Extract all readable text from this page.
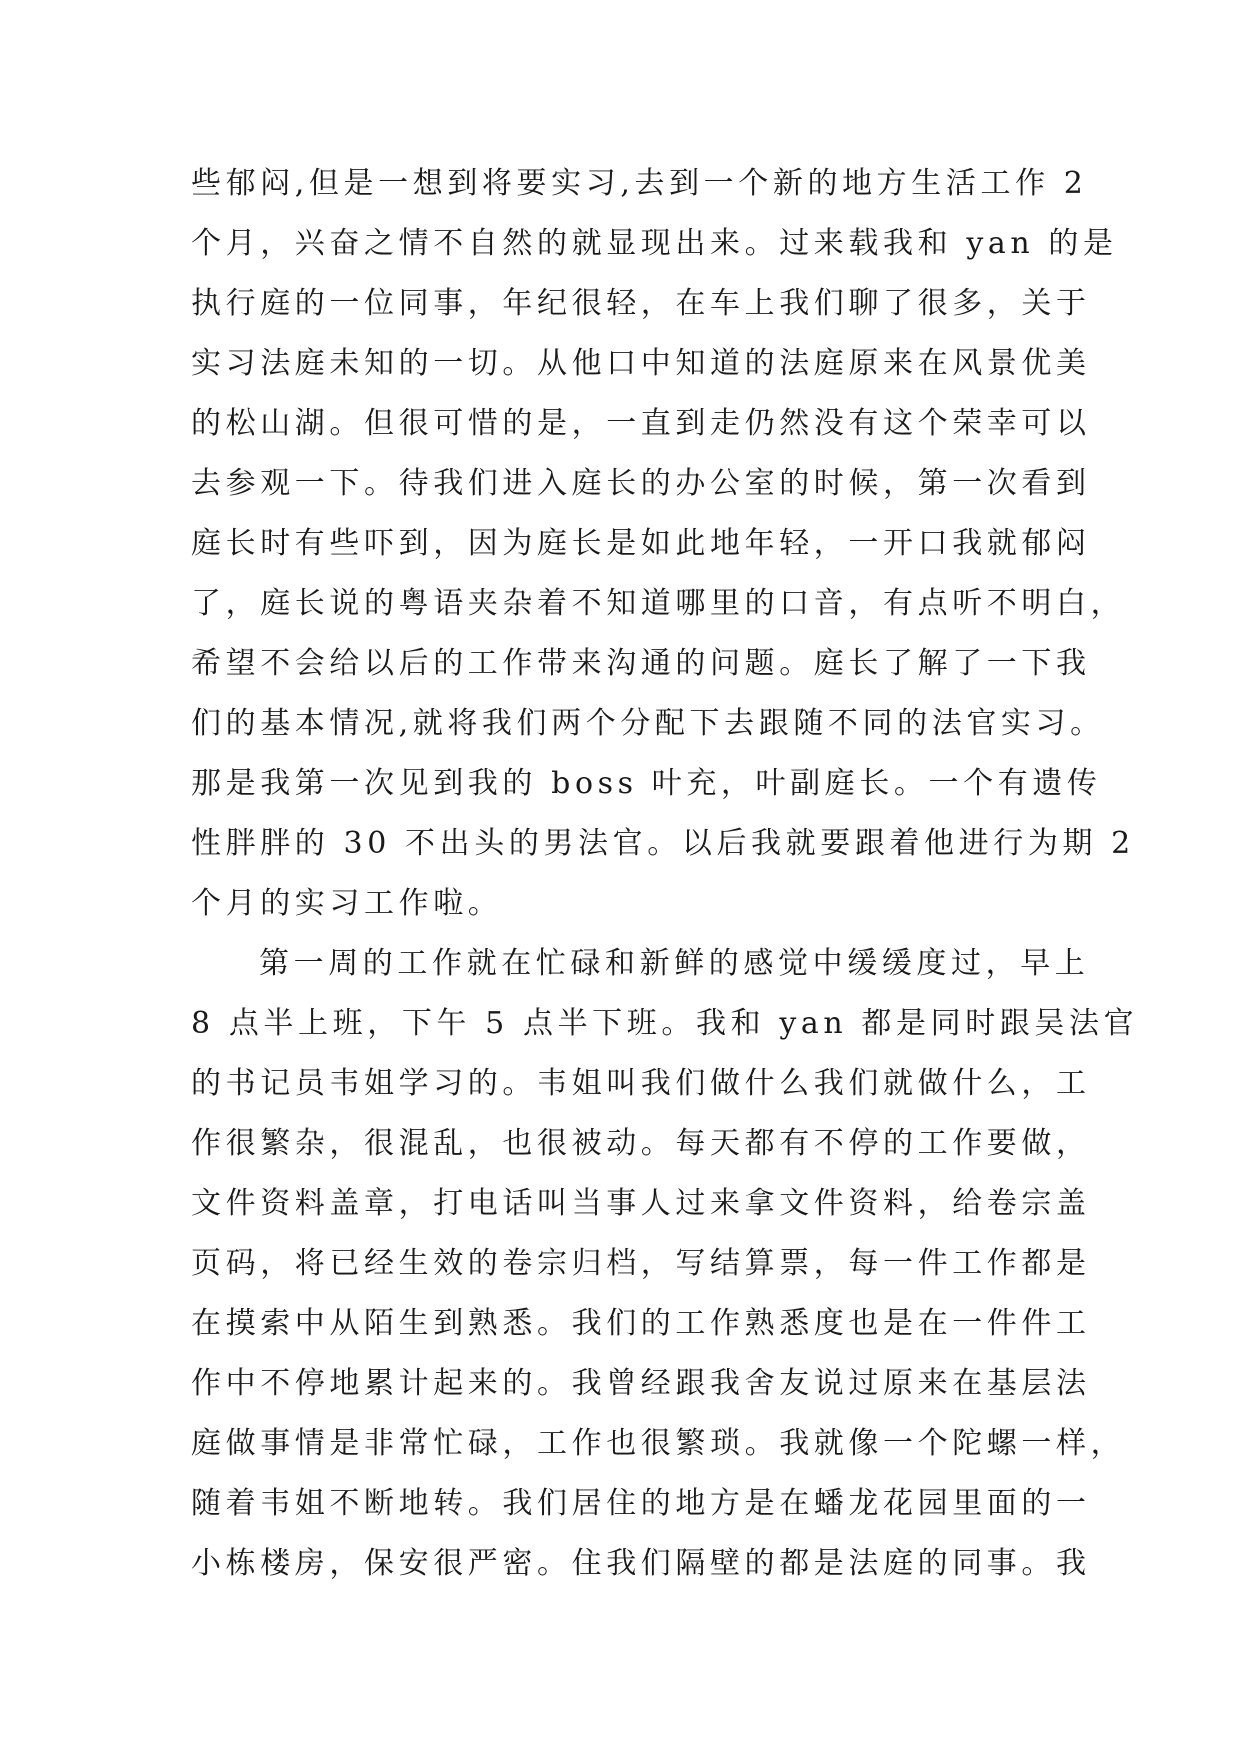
些郁闷,但是一想到将要实习,去到一个新的地方生活工作 2
个月，兴奋之情不自然的就显现出来。过来载我和 yan 的是
执行庭的一位同事，年纪很轻，在车上我们聊了很多，关于
实习法庭未知的一切。从他口中知道的法庭原来在风景优美
的松山湖。但很可惜的是，一直到走仍然没有这个荣幸可以
去参观一下。待我们进入庭长的办公室的时候，第一次看到
庭长时有些吓到，因为庭长是如此地年轻，一开口我就郁闷
了，庭长说的粤语夹杂着不知道哪里的口音，有点听不明白，
希望不会给以后的工作带来沟通的问题。庭长了解了一下我
们的基本情况,就将我们两个分配下去跟随不同的法官实习。
那是我第一次见到我的 boss 叶充，叶副庭长。一个有遗传
性胖胖的 30 不出头的男法官。以后我就要跟着他进行为期 2
个月的实习工作啦。
第一周的工作就在忙碌和新鲜的感觉中缓缓度过，早上
8 点半上班，下午 5 点半下班。我和 yan 都是同时跟吴法官
的书记员韦姐学习的。韦姐叫我们做什么我们就做什么，工
作很繁杂，很混乱，也很被动。每天都有不停的工作要做，
文件资料盖章，打电话叫当事人过来拿文件资料，给卷宗盖
页码，将已经生效的卷宗归档，写结算票，每一件工作都是
在摸索中从陌生到熟悉。我们的工作熟悉度也是在一件件工
作中不停地累计起来的。我曾经跟我舍友说过原来在基层法
庭做事情是非常忙碌，工作也很繁琐。我就像一个陀螺一样，
随着韦姐不断地转。我们居住的地方是在蟠龙花园里面的一
小栋楼房，保安很严密。住我们隔壁的都是法庭的同事。我
